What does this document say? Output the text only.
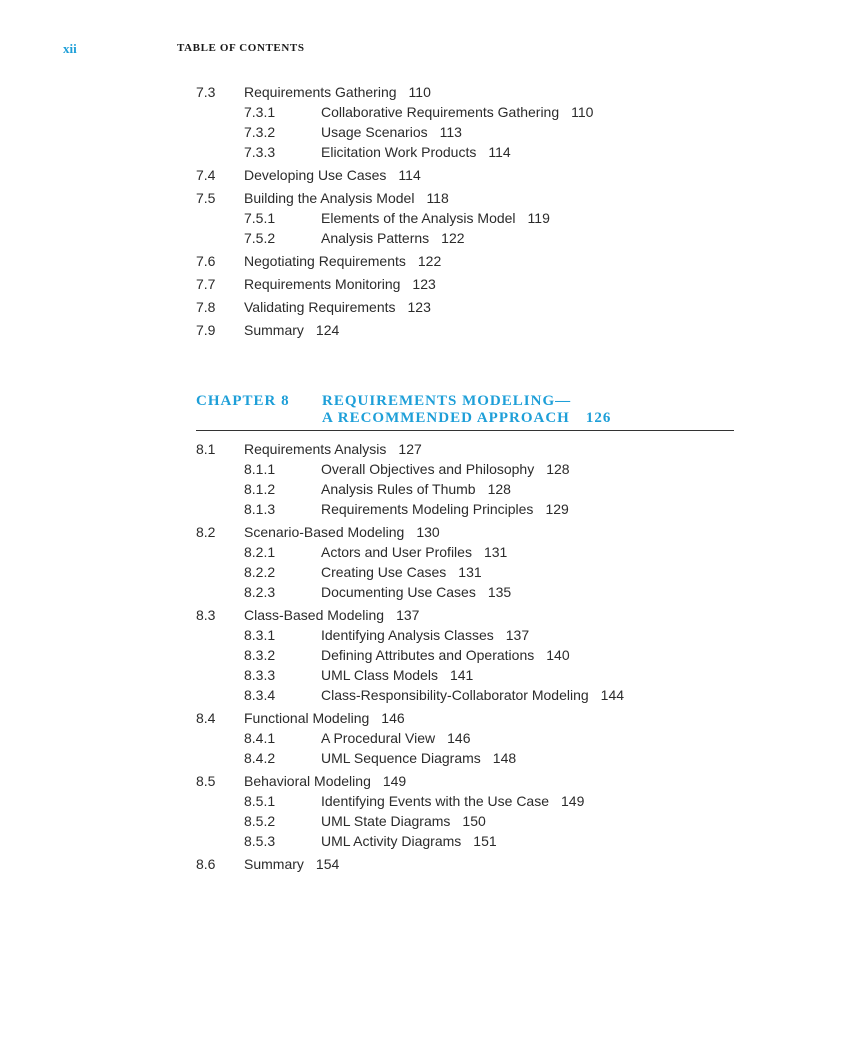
xii	TABLE OF CONTENTS
7.3 Requirements Gathering 110
7.3.1	Collaborative Requirements Gathering 110
7.3.2	Usage Scenarios 113
7.3.3	Elicitation Work Products 114
7.4 Developing Use Cases 114
7.5 Building the Analysis Model 118
7.5.1	Elements of the Analysis Model 119
7.5.2	Analysis Patterns 122
7.6 Negotiating Requirements 122
7.7 Requirements Monitoring 123
7.8 Validating Requirements 123
7.9 Summary 124
CHAPTER 8 REQUIREMENTS MODELING—
A RECOMMENDED APPROACH 126
8.1 Requirements Analysis 127
8.1.1	Overall Objectives and Philosophy 128
8.1.2	Analysis Rules of Thumb 128
8.1.3	Requirements Modeling Principles 129
8.2 Scenario-Based Modeling 130
8.2.1	Actors and User Profiles 131
8.2.2	Creating Use Cases 131
8.2.3	Documenting Use Cases 135
8.3 Class-Based Modeling 137
8.3.1	Identifying Analysis Classes 137
8.3.2	Defining Attributes and Operations 140
8.3.3	UML Class Models 141
8.3.4	Class-Responsibility-Collaborator Modeling 144
8.4 Functional Modeling 146
8.4.1	A Procedural View 146
8.4.2	UML Sequence Diagrams 148
8.5 Behavioral Modeling 149
8.5.1	Identifying Events with the Use Case 149
8.5.2	UML State Diagrams 150
8.5.3	UML Activity Diagrams 151
8.6 Summary 154
